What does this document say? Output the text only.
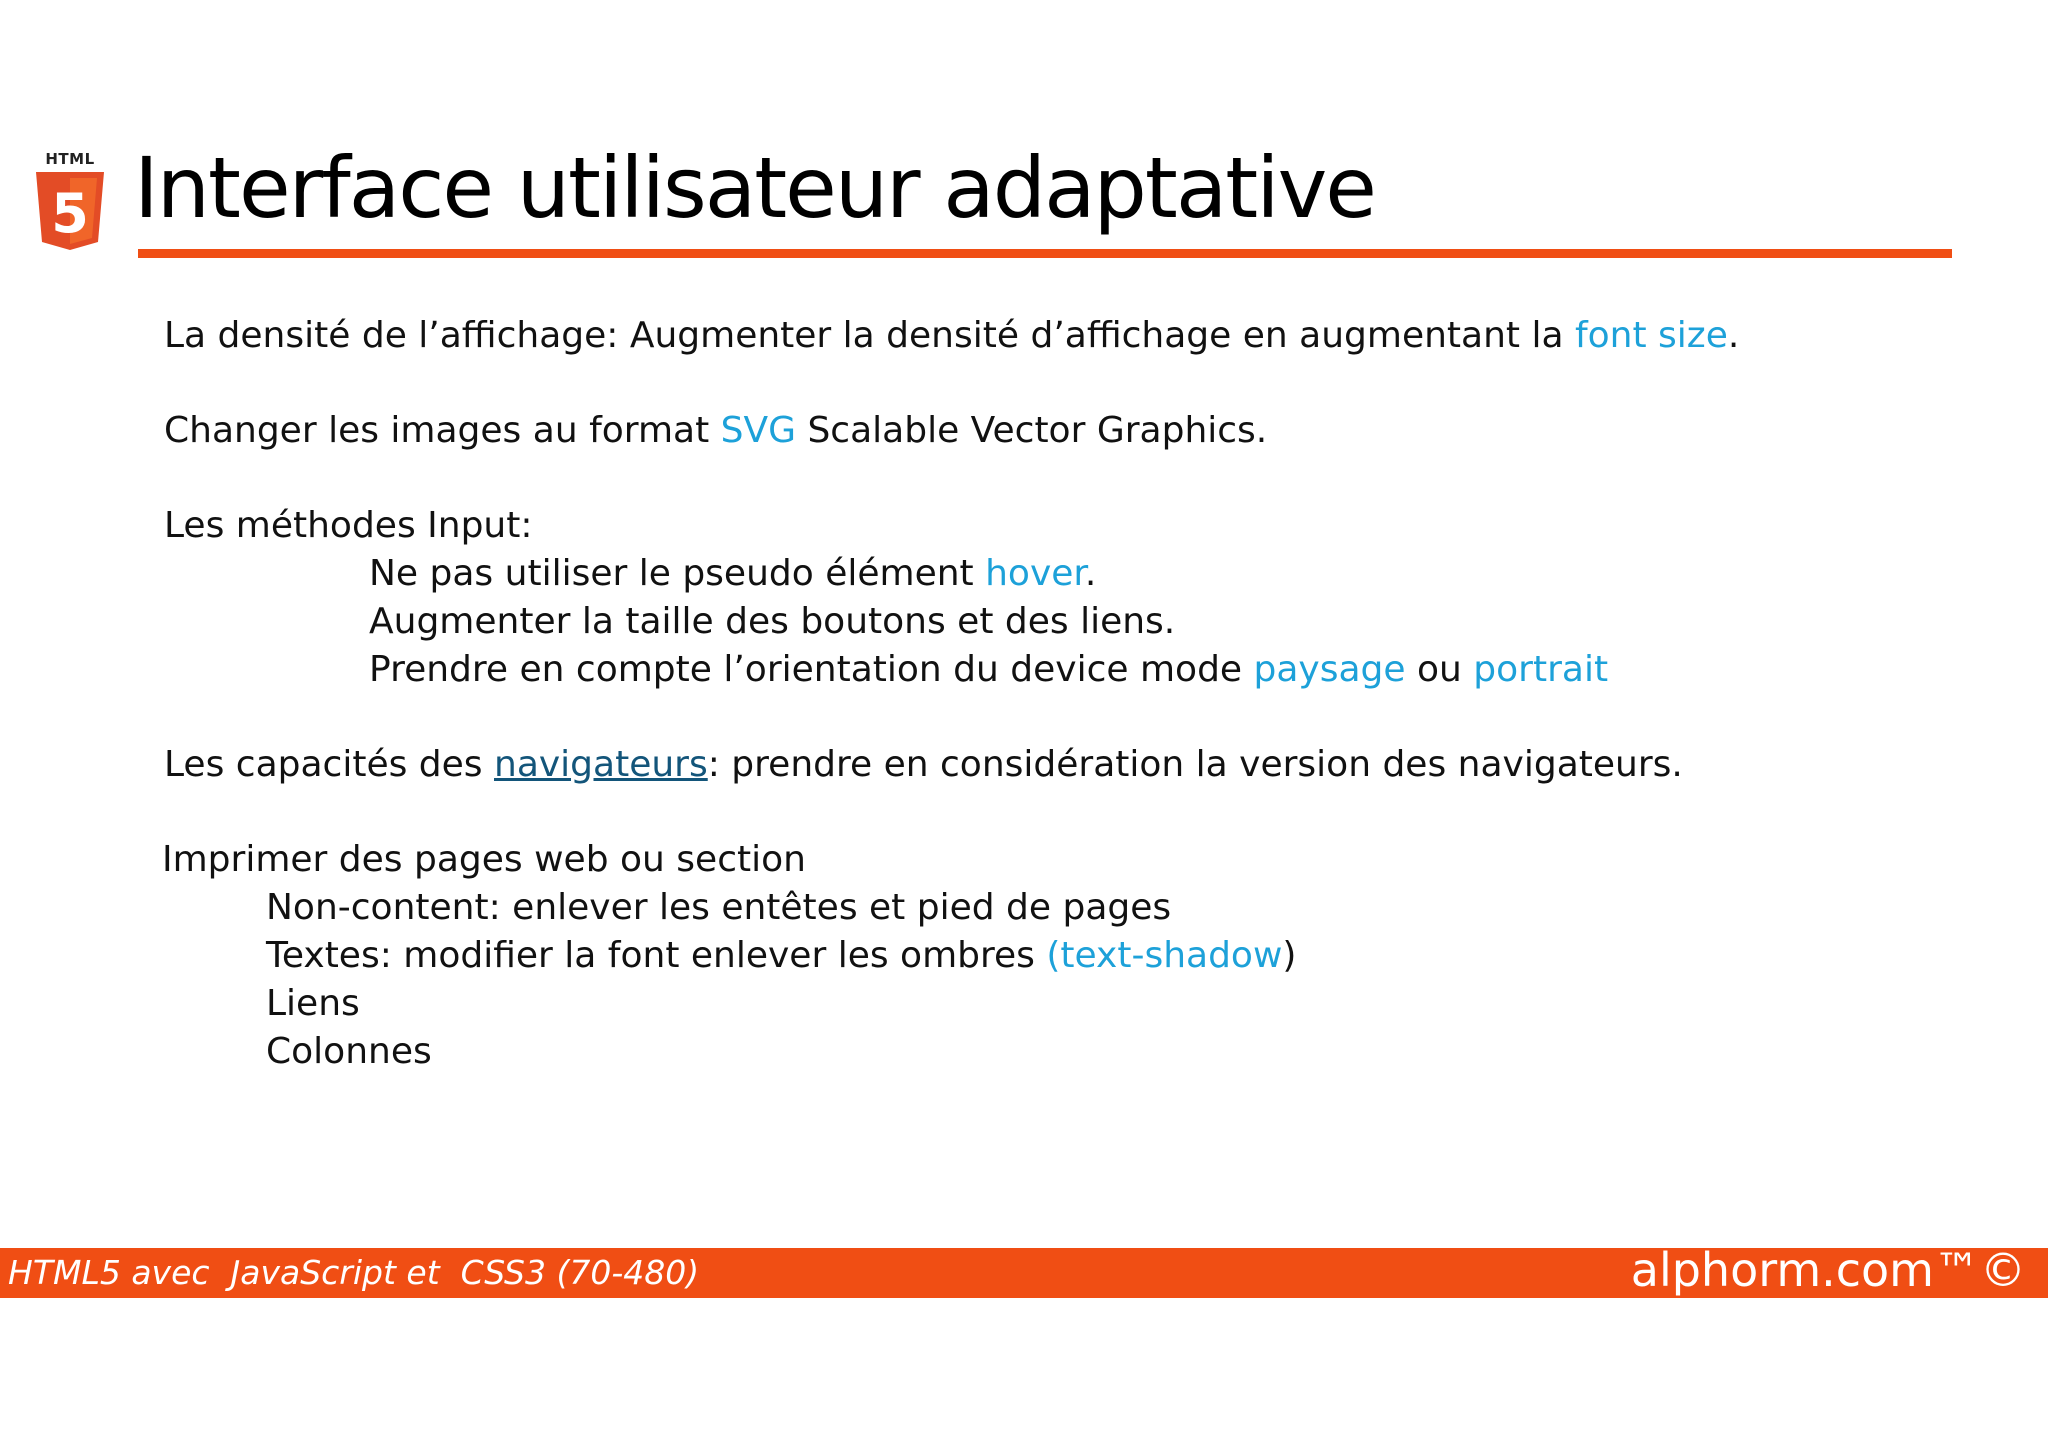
HTML
5 Interface utilisateur adaptative

La densité de l’affichage: Augmenter la densité d’affichage en augmentant la font size.

Changer les images au format SVG Scalable Vector Graphics.

Les méthodes Input:

Ne pas utiliser le pseudo élément hover.

Augmenter la taille des boutons et des liens.

Prendre en compte l’orientation du device mode paysage ou portrait

Les capacités des navigateurs: prendre en considération la version des navigateurs.

Imprimer des pages web ou section

Non-content: enlever les entêtes et pied de pages

Textes: modifier la font enlever les ombres (text-shadow)

Liens

Colonnes

HTML5 avec  JavaScript et  CSS3 (70-480)	alphorm.com™©
